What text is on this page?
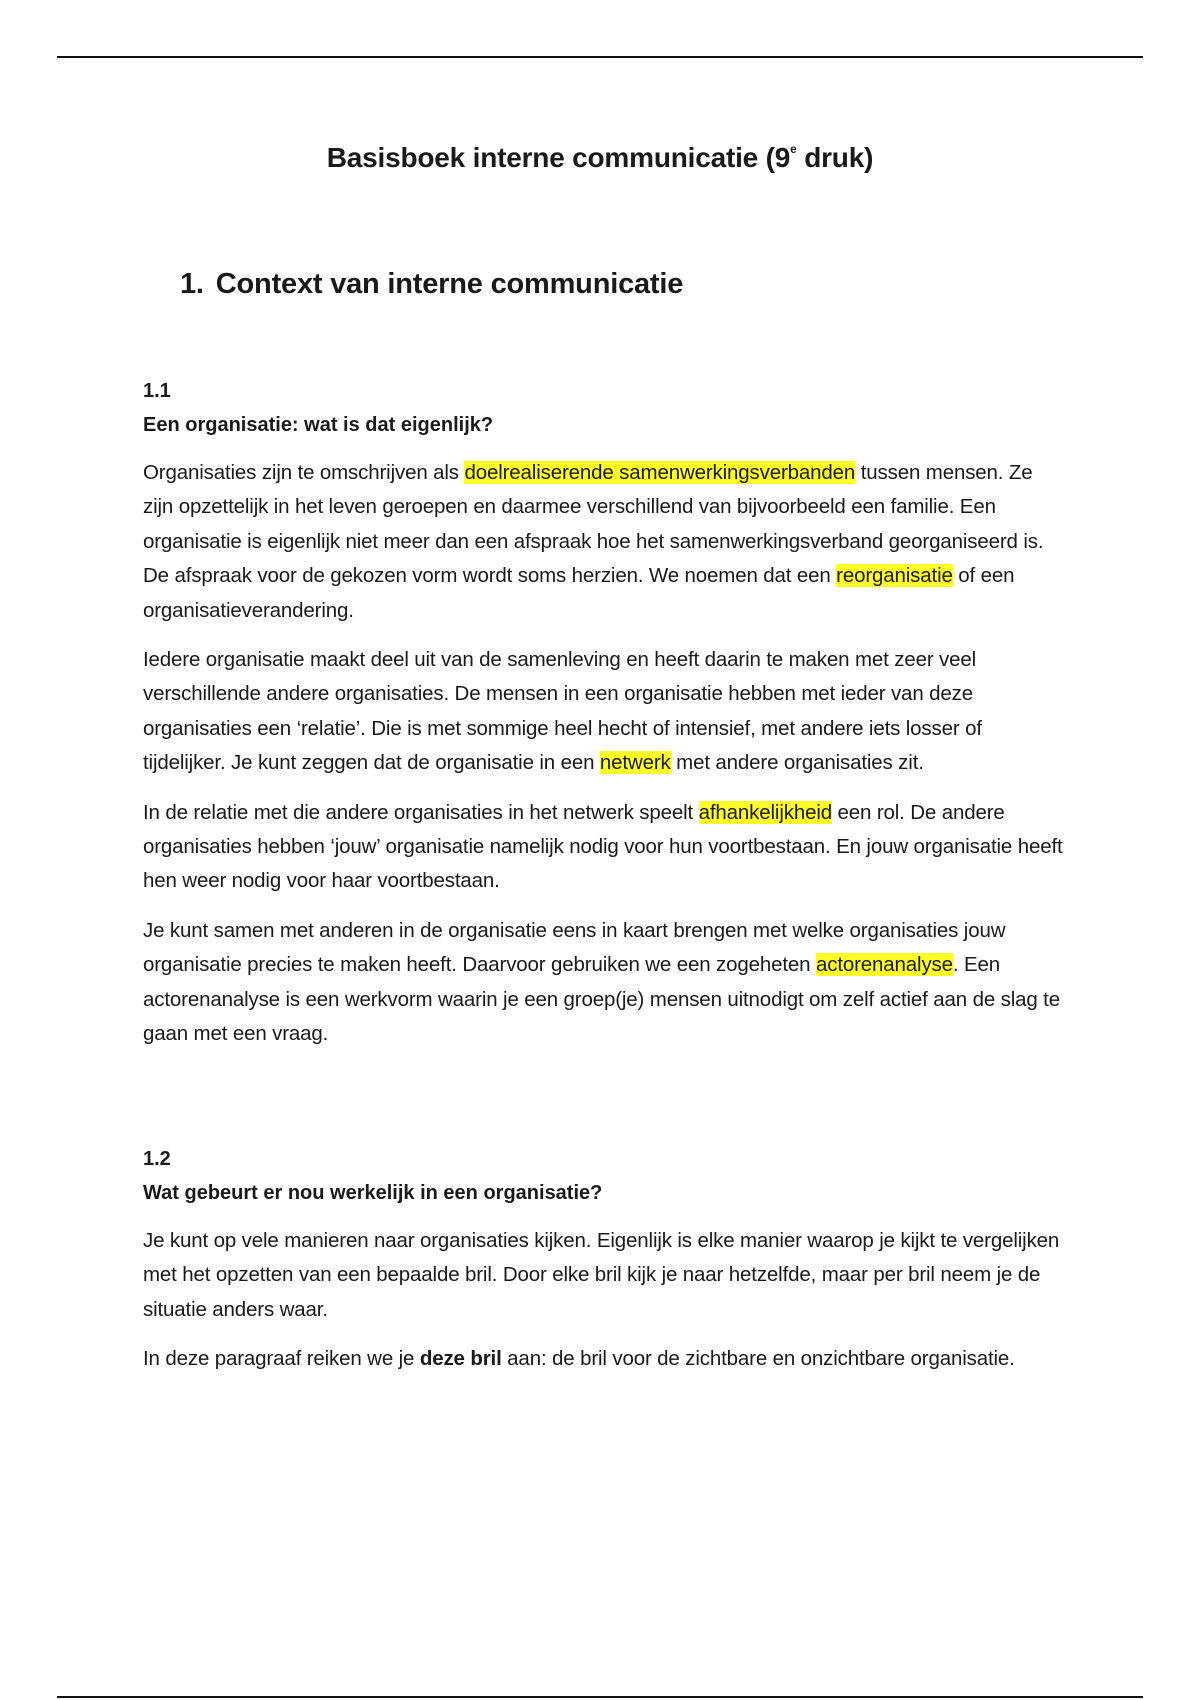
Basisboek interne communicatie (9e druk)
1. Context van interne communicatie
1.1
Een organisatie: wat is dat eigenlijk?

Organisaties zijn te omschrijven als doelrealiserende samenwerkingsverbanden tussen mensen. Ze zijn opzettelijk in het leven geroepen en daarmee verschillend van bijvoorbeeld een familie. Een organisatie is eigenlijk niet meer dan een afspraak hoe het samenwerkingsverband georganiseerd is. De afspraak voor de gekozen vorm wordt soms herzien. We noemen dat een reorganisatie of een organisatieverandering.

Iedere organisatie maakt deel uit van de samenleving en heeft daarin te maken met zeer veel verschillende andere organisaties. De mensen in een organisatie hebben met ieder van deze organisaties een ‘relatie’. Die is met sommige heel hecht of intensief, met andere iets losser of tijdelijker. Je kunt zeggen dat de organisatie in een netwerk met andere organisaties zit.

In de relatie met die andere organisaties in het netwerk speelt afhankelijkheid een rol. De andere organisaties hebben ‘jouw’ organisatie namelijk nodig voor hun voortbestaan. En jouw organisatie heeft hen weer nodig voor haar voortbestaan.

Je kunt samen met anderen in de organisatie eens in kaart brengen met welke organisaties jouw organisatie precies te maken heeft. Daarvoor gebruiken we een zogeheten actorenanalyse. Een actorenanalyse is een werkvorm waarin je een groep(je) mensen uitnodigt om zelf actief aan de slag te gaan met een vraag.

1.2
Wat gebeurt er nou werkelijk in een organisatie?

Je kunt op vele manieren naar organisaties kijken. Eigenlijk is elke manier waarop je kijkt te vergelijken met het opzetten van een bepaalde bril. Door elke bril kijk je naar hetzelfde, maar per bril neem je de situatie anders waar.

In deze paragraaf reiken we je deze bril aan: de bril voor de zichtbare en onzichtbare organisatie.
